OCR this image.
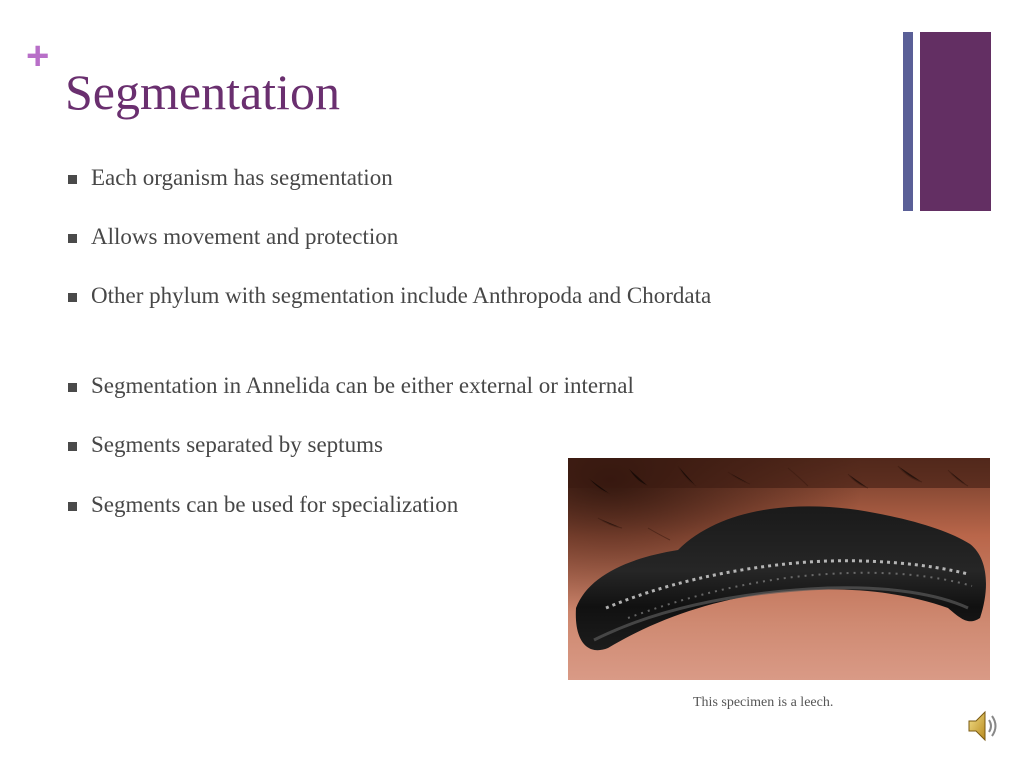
+
Segmentation
Each organism has segmentation
Allows movement and protection
Other phylum with segmentation include Anthropoda and Chordata
Segmentation in Annelida can be either external or internal
Segments separated by septums
Segments can be used for specialization
This specimen is a leech.
